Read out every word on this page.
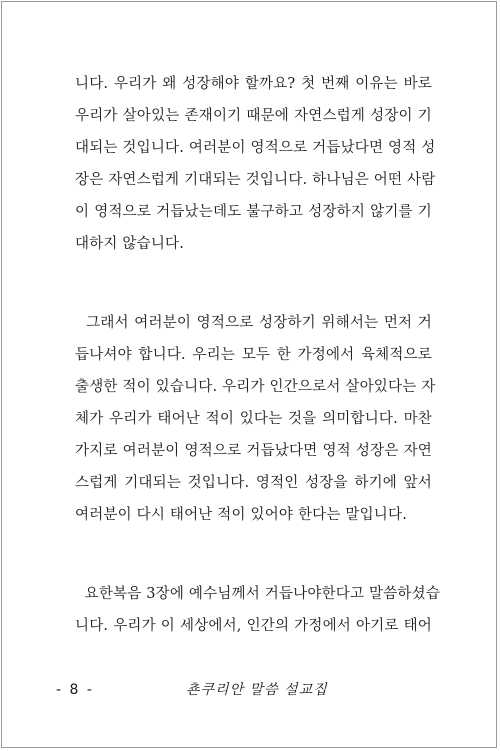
니다. 우리가 왜 성장해야 할까요? 첫 번째 이유는 바로
우리가 살아있는 존재이기 때문에 자연스럽게 성장이 기
대되는 것입니다. 여러분이 영적으로 거듭났다면 영적 성
장은 자연스럽게 기대되는 것입니다. 하나님은 어떤 사람
이 영적으로 거듭났는데도 불구하고 성장하지 않기를 기
대하지 않습니다.
그래서 여러분이 영적으로 성장하기 위해서는 먼저 거
듭나셔야 합니다. 우리는 모두 한 가정에서 육체적으로
출생한 적이 있습니다. 우리가 인간으로서 살아있다는 자
체가 우리가 태어난 적이 있다는 것을 의미합니다. 마찬
가지로 여러분이 영적으로 거듭났다면 영적 성장은 자연
스럽게 기대되는 것입니다. 영적인 성장을 하기에 앞서
여러분이 다시 태어난 적이 있어야 한다는 말입니다.
요한복음 3장에 예수님께서 거듭나야한다고 말씀하셨습
니다. 우리가 이 세상에서, 인간의 가정에서 아기로 태어
- 8 -	쵼쿠리안 말씀 설교집
